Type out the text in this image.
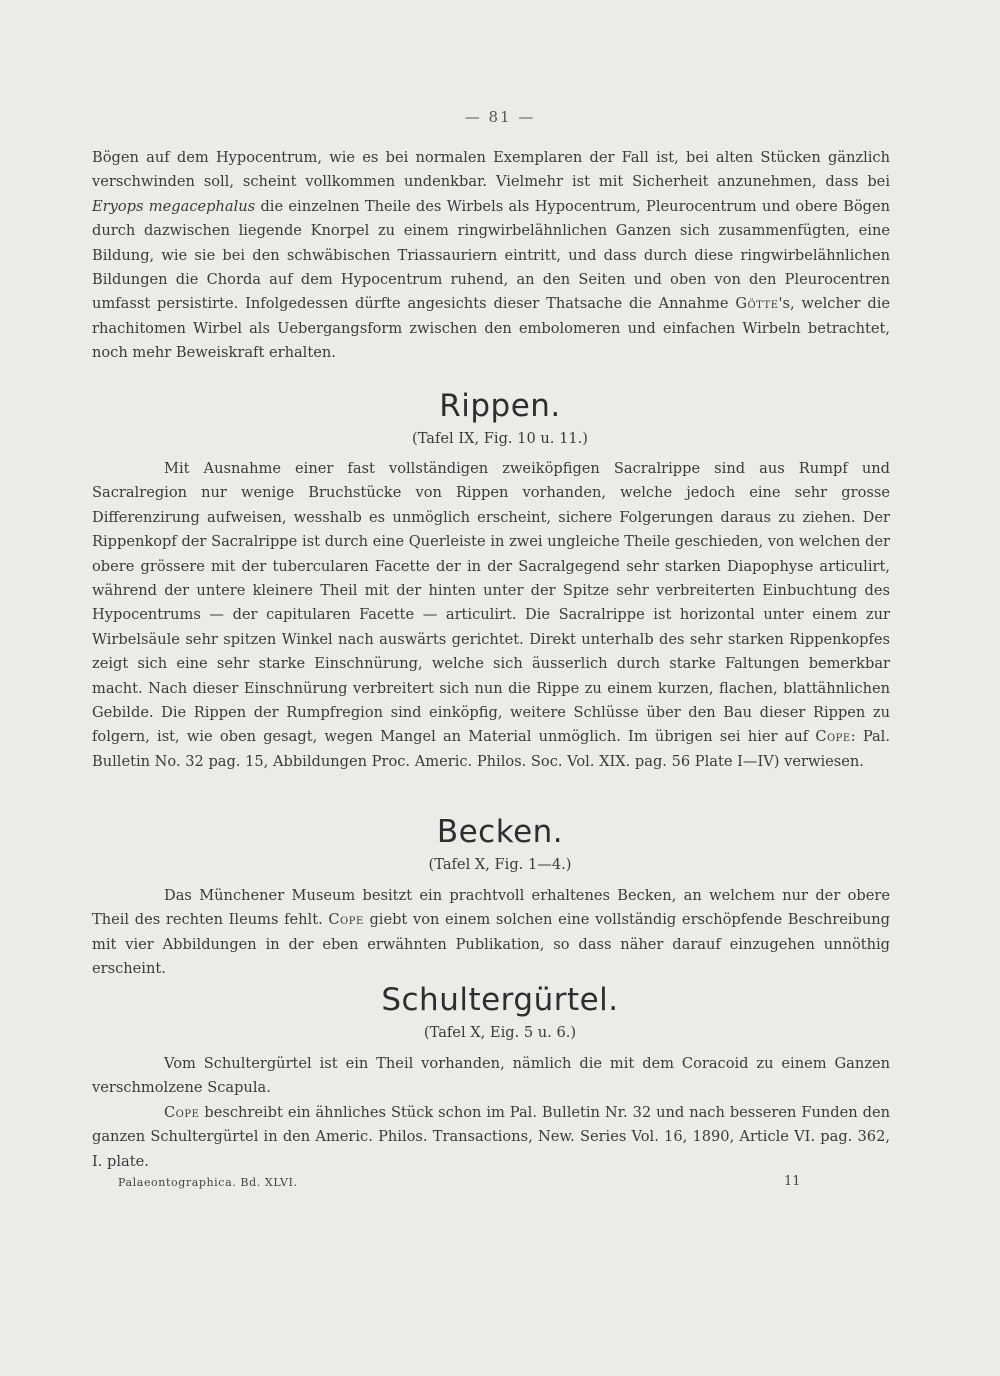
— 81 —

Bögen auf dem Hypocentrum, wie es bei normalen Exemplaren der Fall ist, bei alten Stücken gänzlich verschwinden soll, scheint vollkommen undenkbar. Vielmehr ist mit Sicherheit anzunehmen, dass bei Eryops megacephalus die einzelnen Theile des Wirbels als Hypocentrum, Pleurocentrum und obere Bögen durch dazwischen liegende Knorpel zu einem ringwirbelähnlichen Ganzen sich zusammenfügten, eine Bildung, wie sie bei den schwäbischen Triassauriern eintritt, und dass durch diese ringwirbelähnlichen Bildungen die Chorda auf dem Hypocentrum ruhend, an den Seiten und oben von den Pleurocentren umfasst persistirte. Infolgedessen dürfte angesichts dieser Thatsache die Annahme Götte's, welcher die rhachitomen Wirbel als Uebergangsform zwischen den embolomeren und einfachen Wirbeln betrachtet, noch mehr Beweiskraft erhalten.

Rippen.
(Tafel IX, Fig. 10 u. 11.)

Mit Ausnahme einer fast vollständigen zweiköpfigen Sacralrippe sind aus Rumpf und Sacralregion nur wenige Bruchstücke von Rippen vorhanden, welche jedoch eine sehr grosse Differenzirung aufweisen, wesshalb es unmöglich erscheint, sichere Folgerungen daraus zu ziehen. Der Rippenkopf der Sacralrippe ist durch eine Querleiste in zwei ungleiche Theile geschieden, von welchen der obere grössere mit der tubercularen Facette der in der Sacralgegend sehr starken Diapophyse articulirt, während der untere kleinere Theil mit der hinten unter der Spitze sehr verbreiterten Einbuchtung des Hypocentrums — der capitularen Facette — articulirt. Die Sacralrippe ist horizontal unter einem zur Wirbelsäule sehr spitzen Winkel nach auswärts gerichtet. Direkt unterhalb des sehr starken Rippenkopfes zeigt sich eine sehr starke Einschnürung, welche sich äusserlich durch starke Faltungen bemerkbar macht. Nach dieser Einschnürung verbreitert sich nun die Rippe zu einem kurzen, flachen, blattähnlichen Gebilde. Die Rippen der Rumpfregion sind einköpfig, weitere Schlüsse über den Bau dieser Rippen zu folgern, ist, wie oben gesagt, wegen Mangel an Material unmöglich. Im übrigen sei hier auf Cope: Pal. Bulletin No. 32 pag. 15, Abbildungen Proc. Americ. Philos. Soc. Vol. XIX. pag. 56 Plate I—IV) verwiesen.

Becken.
(Tafel X, Fig. 1—4.)

Das Münchener Museum besitzt ein prachtvoll erhaltenes Becken, an welchem nur der obere Theil des rechten Ileums fehlt. Cope giebt von einem solchen eine vollständig erschöpfende Beschreibung mit vier Abbildungen in der eben erwähnten Publikation, so dass näher darauf einzugehen unnöthig erscheint.

Schultergürtel.
(Tafel X, Eig. 5 u. 6.)

Vom Schultergürtel ist ein Theil vorhanden, nämlich die mit dem Coracoid zu einem Ganzen verschmolzene Scapula.

Cope beschreibt ein ähnliches Stück schon im Pal. Bulletin Nr. 32 und nach besseren Funden den ganzen Schultergürtel in den Americ. Philos. Transactions, New. Series Vol. 16, 1890, Article VI. pag. 362, I. plate.

Palaeontographica. Bd. XLVI.	11
